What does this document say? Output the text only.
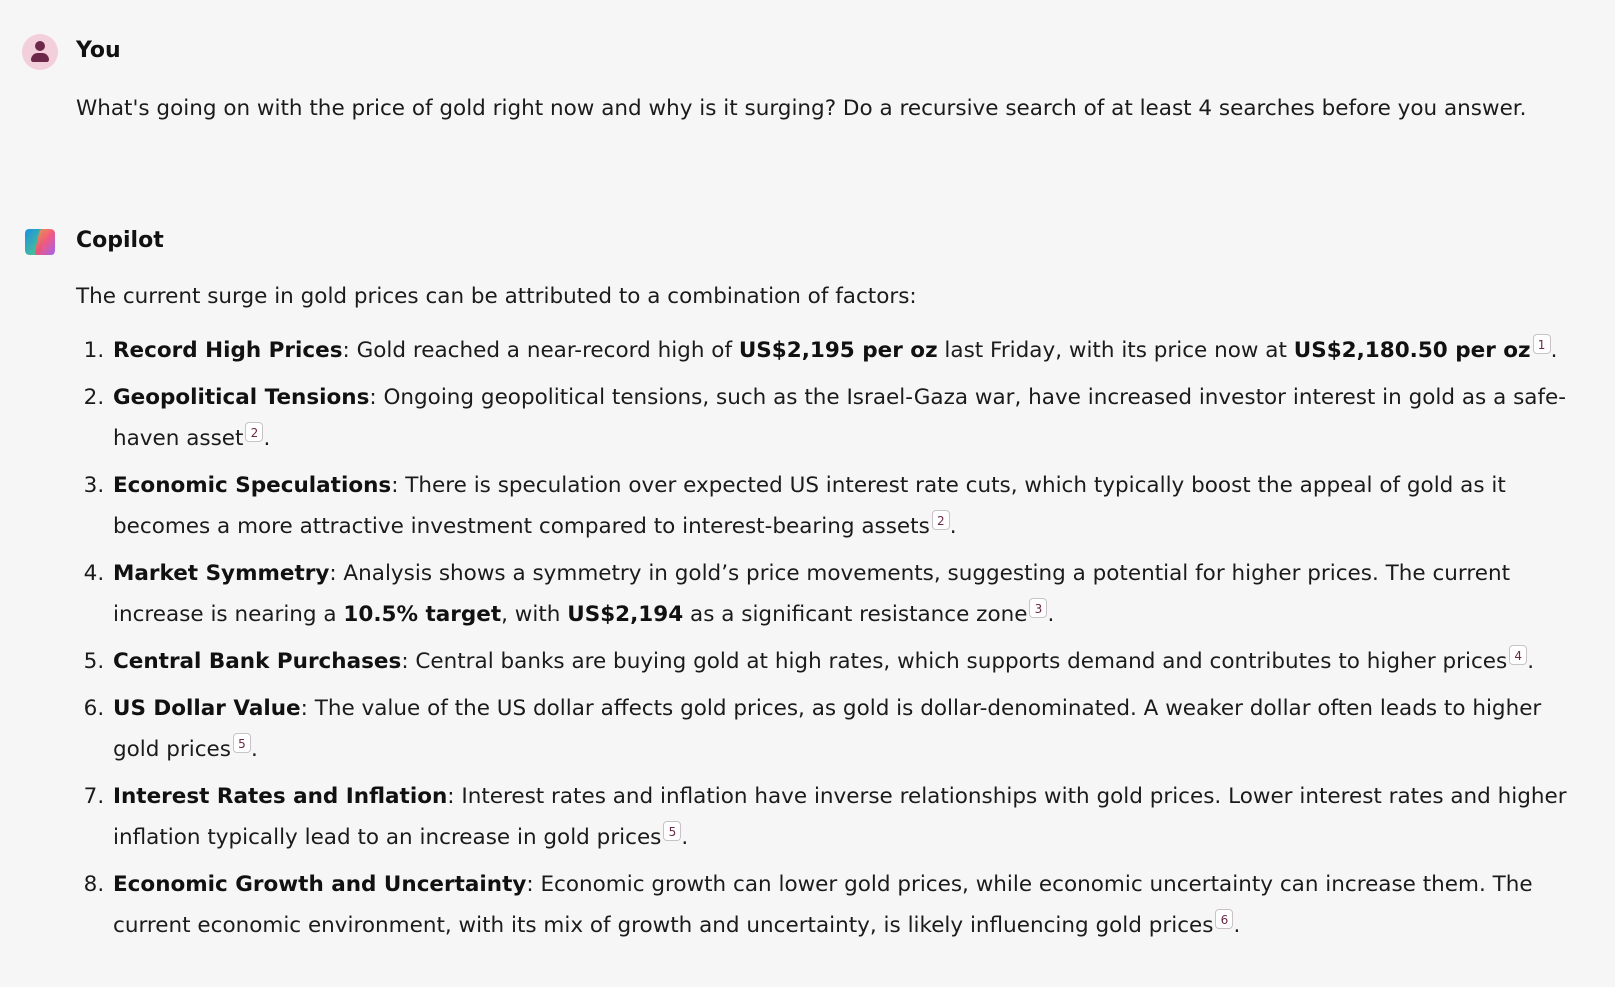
You
What's going on with the price of gold right now and why is it surging? Do a recursive search of at least 4 searches before you answer.
Copilot
The current surge in gold prices can be attributed to a combination of factors:
1. Record High Prices: Gold reached a near-record high of US$2,195 per oz last Friday, with its price now at US$2,180.50 per oz 1 .
2. Geopolitical Tensions: Ongoing geopolitical tensions, such as the Israel-Gaza war, have increased investor interest in gold as a safe-haven asset 2 .
3. Economic Speculations: There is speculation over expected US interest rate cuts, which typically boost the appeal of gold as it becomes a more attractive investment compared to interest-bearing assets 2 .
4. Market Symmetry: Analysis shows a symmetry in gold’s price movements, suggesting a potential for higher prices. The current increase is nearing a 10.5% target, with US$2,194 as a significant resistance zone 3 .
5. Central Bank Purchases: Central banks are buying gold at high rates, which supports demand and contributes to higher prices 4 .
6. US Dollar Value: The value of the US dollar affects gold prices, as gold is dollar-denominated. A weaker dollar often leads to higher gold prices 5 .
7. Interest Rates and Inflation: Interest rates and inflation have inverse relationships with gold prices. Lower interest rates and higher inflation typically lead to an increase in gold prices 5 .
8. Economic Growth and Uncertainty: Economic growth can lower gold prices, while economic uncertainty can increase them. The current economic environment, with its mix of growth and uncertainty, is likely influencing gold prices 6 .
